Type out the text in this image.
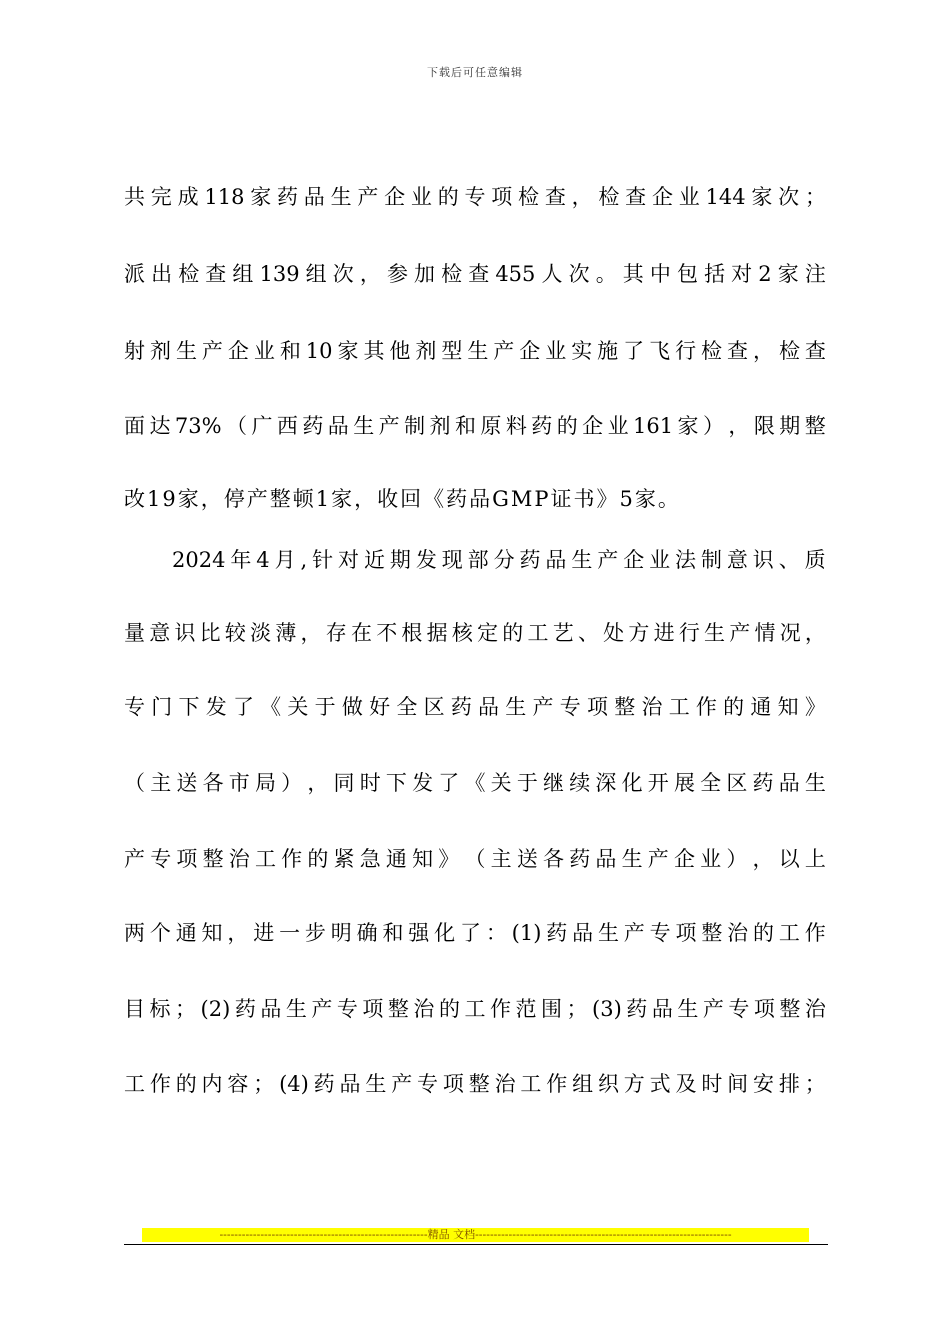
下载后可任意编辑
共 完 成 118 家 药 品 生 产 企 业 的 专 项 检 查 ， 检 查 企 业 144 家 次 ；
派 出 检 查 组 139 组 次 ， 参 加 检 查 455 人 次 。 其 中 包 括 对 2 家 注
射 剂 生 产 企 业 和 10 家 其 他 剂 型 生 产 企 业 实 施 了 飞 行 检 查 ， 检 查
面 达 73% （ 广 西 药 品 生 产 制 剂 和 原 料 药 的 企 业 161 家 ） ， 限 期 整
改19家，停产整顿1家，收回《药品GMP证书》5家。
2024 年 4 月 , 针 对 近 期 发 现 部 分 药 品 生 产 企 业 法 制 意 识 、 质
量 意 识 比 较 淡 薄 ， 存 在 不 根 据 核 定 的 工 艺 、 处 方 进 行 生 产 情 况 ，
专 门 下 发 了 《 关 于 做 好 全 区 药 品 生 产 专 项 整 治 工 作 的 通 知 》
（ 主 送 各 市 局 ） ， 同 时 下 发 了 《 关 于 继 续 深 化 开 展 全 区 药 品 生
产 专 项 整 治 工 作 的 紧 急 通 知 》 （ 主 送 各 药 品 生 产 企 业 ） ， 以 上
两 个 通 知 ， 进 一 步 明 确 和 强 化 了 ： (1) 药 品 生 产 专 项 整 治 的 工 作
目 标 ； (2) 药 品 生 产 专 项 整 治 的 工 作 范 围 ； (3) 药 品 生 产 专 项 整 治
工 作 的 内 容 ； (4) 药 品 生 产 专 项 整 治 工 作 组 织 方 式 及 时 间 安 排 ；
--------------------------------------------------------精品 文档---------------------------------------------------------------------
